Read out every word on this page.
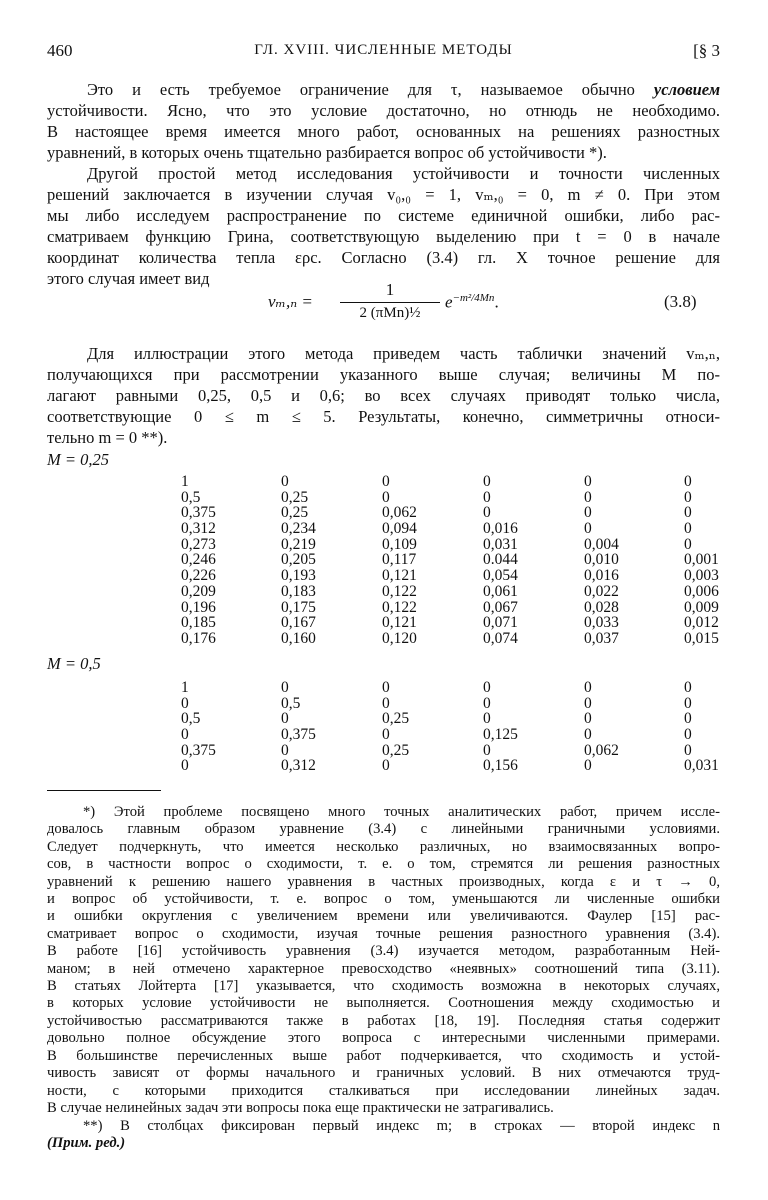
460	ГЛ. XVIII. ЧИСЛЕННЫЕ МЕТОДЫ	[§ 3
Это и есть требуемое ограничение для τ, называемое обычно условием
устойчивости. Ясно, что это условие достаточно, но отнюдь не необходимо.
В настоящее время имеется много работ, основанных на решениях разностных
уравнений, в которых очень тщательно разбирается вопрос об устойчивости *).
Другой простой метод исследования устойчивости и точности численных
решений заключается в изучении случая v₀,₀ = 1, vₘ,₀ = 0, m ≠ 0. При этом
мы либо исследуем распространение по системе единичной ошибки, либо рас-
сматриваем функцию Грина, соответствующую выделению при t = 0 в начале
координат количества тепла ερc. Согласно (3.4) гл. X точное решение для
этого случая имеет вид
vₘ,ₙ =
1
2 (πMn)½
$e^{-m^2/4Mn}$.	(3.8)
Для иллюстрации этого метода приведем часть таблички значений vₘ,ₙ,
получающихся при рассмотрении указанного выше случая; величины M по-
лагают равными 0,25, 0,5 и 0,6; во всех случаях приводят только числа,
соответствующие 0 ≤ m ≤ 5. Результаты, конечно, симметричны относи-
тельно m = 0 **).
M = 0,25
1	0	0	0	0	0
0,5	0,25	0	0	0	0
0,375	0,25	0,062	0	0	0
0,312	0,234	0,094	0,016	0	0
0,273	0,219	0,109	0,031	0,004	0
0,246	0,205	0,117	0.044	0,010	0,001
0,226	0,193	0,121	0,054	0,016	0,003
0,209	0,183	0,122	0,061	0,022	0,006
0,196	0,175	0,122	0,067	0,028	0,009
0,185	0,167	0,121	0,071	0,033	0,012
0,176	0,160	0,120	0,074	0,037	0,015
M = 0,5
1	0	0	0	0	0
0	0,5	0	0	0	0
0,5	0	0,25	0	0	0
0	0,375	0	0,125	0	0
0,375	0	0,25	0	0,062	0
0	0,312	0	0,156	0	0,031
*) Этой проблеме посвящено много точных аналитических работ, причем иссле-
довалось главным образом уравнение (3.4) с линейными граничными условиями.
Следует подчеркнуть, что имеется несколько различных, но взаимосвязанных вопро-
сов, в частности вопрос о сходимости, т. е. о том, стремятся ли решения разностных
уравнений к решению нашего уравнения в частных производных, когда ε и τ → 0,
и вопрос об устойчивости, т. е. вопрос о том, уменьшаются ли численные ошибки
и ошибки округления с увеличением времени или увеличиваются. Фаулер [15] рас-
сматривает вопрос о сходимости, изучая точные решения разностного уравнения (3.4).
В работе [16] устойчивость уравнения (3.4) изучается методом, разработанным Ней-
маном; в ней отмечено характерное превосходство «неявных» соотношений типа (3.11).
В статьях Лойтерта [17] указывается, что сходимость возможна в некоторых случаях,
в которых условие устойчивости не выполняется. Соотношения между сходимостью и
устойчивостью рассматриваются также в работах [18, 19]. Последняя статья содержит
довольно полное обсуждение этого вопроса с интересными численными примерами.
В большинстве перечисленных выше работ подчеркивается, что сходимость и устой-
чивость зависят от формы начального и граничных условий. В них отмечаются труд-
ности, с которыми приходится сталкиваться при исследовании линейных задач.
В случае нелинейных задач эти вопросы пока еще практически не затрагивались.
**) В столбцах фиксирован первый индекс m; в строках — второй индекс n
(Прим. ред.)
